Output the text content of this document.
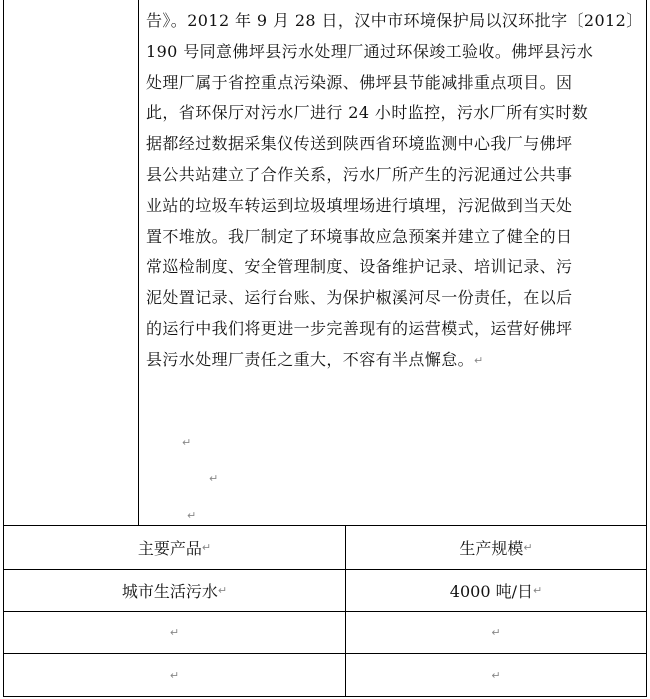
告》。2012 年 9 月 28 日，汉中市环境保护局以汉环批字〔2012〕
190 号同意佛坪县污水处理厂通过环保竣工验收。佛坪县污水
处理厂属于省控重点污染源、佛坪县节能减排重点项目。因
此，省环保厅对污水厂进行 24 小时监控，污水厂所有实时数
据都经过数据采集仪传送到陕西省环境监测中心我厂与佛坪
县公共站建立了合作关系，污水厂所产生的污泥通过公共事
业站的垃圾车转运到垃圾填埋场进行填埋，污泥做到当天处
置不堆放。我厂制定了环境事故应急预案并建立了健全的日
常巡检制度、安全管理制度、设备维护记录、培训记录、污
泥处置记录、运行台账、为保护椒溪河尽一份责任，在以后
的运行中我们将更进一步完善现有的运营模式，运营好佛坪
县污水处理厂责任之重大，不容有半点懈怠。↵

↵
↵
↵
主要产品 ↵	生产规模 ↵
城市生活污水 ↵	4000 吨/日 ↵
↵	↵
↵	↵
